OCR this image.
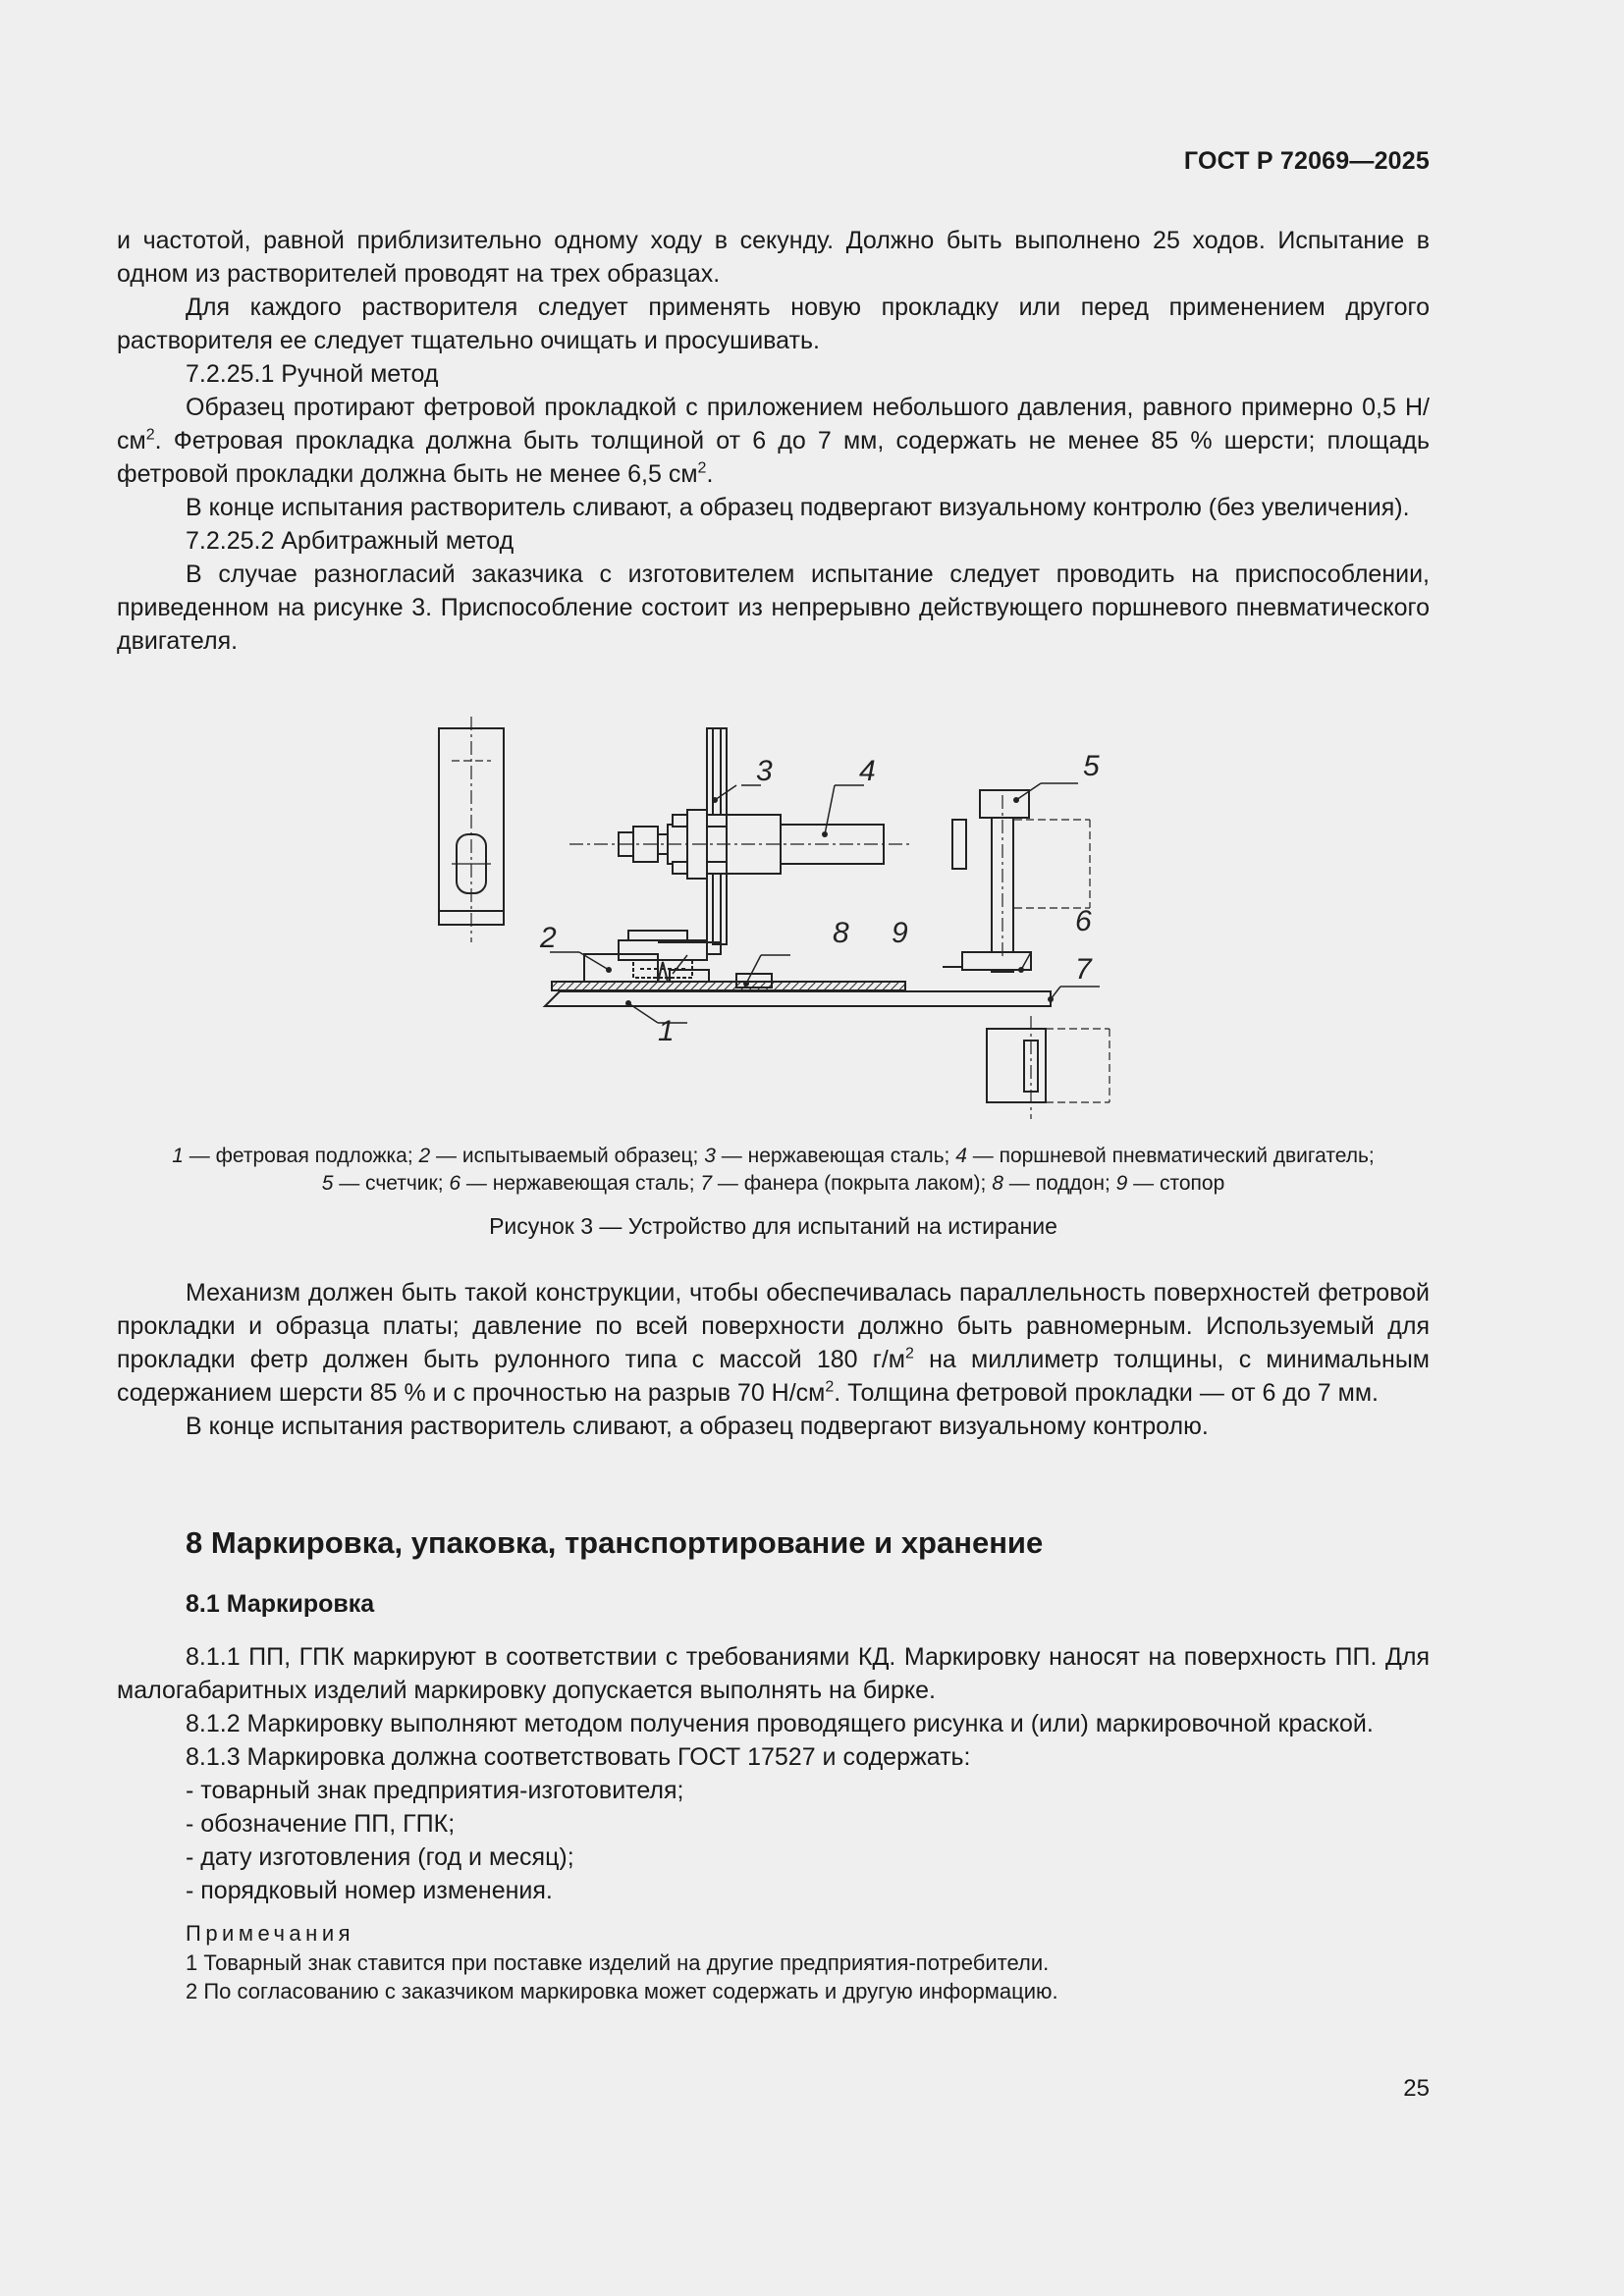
ГОСТ Р 72069—2025

и частотой, равной приблизительно одному ходу в секунду. Должно быть выполнено 25 ходов. Испытание в одном из растворителей проводят на трех образцах.

Для каждого растворителя следует применять новую прокладку или перед применением другого растворителя ее следует тщательно очищать и просушивать.

7.2.25.1 Ручной метод

Образец протирают фетровой прокладкой с приложением небольшого давления, равного примерно 0,5 $Н/см^2$. Фетровая прокладка должна быть толщиной от 6 до 7 мм, содержать не менее 85 % шерсти; площадь фетровой прокладки должна быть не менее 6,5 $см^2$.

В конце испытания растворитель сливают, а образец подвергают визуальному контролю (без увеличения).

7.2.25.2 Арбитражный метод

В случае разногласий заказчика с изготовителем испытание следует проводить на приспособлении, приведенном на рисунке 3. Приспособление состоит из непрерывно действующего поршневого пневматического двигателя.

1
2
3	4	5
6
7
8 9

1 — фетровая подложка; 2 — испытываемый образец; 3 — нержавеющая сталь; 4 — поршневой пневматический двигатель;
5 — счетчик; 6 — нержавеющая сталь; 7 — фанера (покрыта лаком); 8 — поддон; 9 — стопор

Рисунок 3 — Устройство для испытаний на истирание

Механизм должен быть такой конструкции, чтобы обеспечивалась параллельность поверхностей фетровой прокладки и образца платы; давление по всей поверхности должно быть равномерным. Используемый для прокладки фетр должен быть рулонного типа с массой 180 $г/м^2$ на миллиметр толщины, с минимальным содержанием шерсти 85 % и с прочностью на разрыв 70 $Н/см^2$. Толщина фетровой прокладки — от 6 до 7 мм.

В конце испытания растворитель сливают, а образец подвергают визуальному контролю.

8 Маркировка, упаковка, транспортирование и хранение

8.1 Маркировка

8.1.1 ПП, ГПК маркируют в соответствии с требованиями КД. Маркировку наносят на поверхность ПП. Для малогабаритных изделий маркировку допускается выполнять на бирке.

8.1.2 Маркировку выполняют методом получения проводящего рисунка и (или) маркировочной краской.

8.1.3 Маркировка должна соответствовать ГОСТ 17527 и содержать:

- товарный знак предприятия-изготовителя;

- обозначение ПП, ГПК;

- дату изготовления (год и месяц);

- порядковый номер изменения.

Примечания

1 Товарный знак ставится при поставке изделий на другие предприятия-потребители.

2 По согласованию с заказчиком маркировка может содержать и другую информацию.

25
